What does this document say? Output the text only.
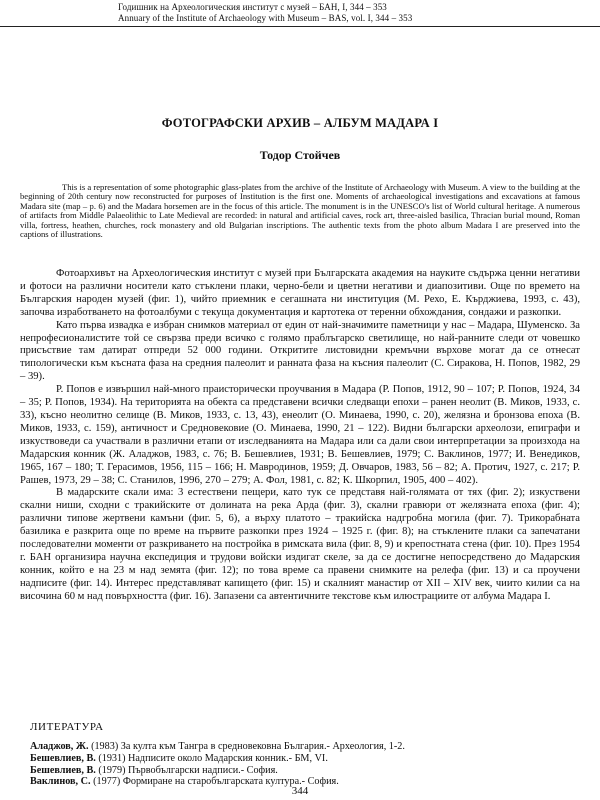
Годишник на Археологическия институт с музей – БАН, I, 344 – 353
Annuary of the Institute of Archaeology with Museum – BAS, vol. I, 344 – 353
ФОТОГРАФСКИ АРХИВ – АЛБУМ МАДАРА I
Тодор Стойчев

This is a representation of some photographic glass-plates from the archive of the Institute of Archaeology with Museum. A view to the building at the beginning of 20th century now reconstructed for purposes of Institution is the first one. Moments of archaeological investigations and excavations at famous Madara site (map – p. 6) and the Madara horsemen are in the focus of this article. The monument is in the UNESCO's list of World cultural heritage. A numerous of artifacts from Middle Palaeolithic to Late Medieval are recorded: in natural and artificial caves, rock art, three-aisled basilica, Thracian burial mound, Roman villa, fortress, heathen, churches, rock monastery and old Bulgarian inscriptions. The authentic texts from the photo album Madara I are preserved into the captions of illustrations.

Фотоархивът на Археологическия институт с музей при Българската академия на науките съдържа ценни негативи и фотоси на различни носители като стъклени плаки, черно-бели и цветни негативи и диапозитиви. Още по времето на Българския народен музей (фиг. 1), чийто приемник е сегашната ни институция (М. Рехо, Е. Кърджиева, 1993, с. 43), започва изработването на фотоалбуми с текуща документация и картотека от теренни обхождания, сондажи и разкопки.

Като първа извадка е избран снимков материал от един от най-значимите паметници у нас – Мадара, Шуменско. За непрофесионалистите той се свързва преди всичко с голямо праблъгарско светилище, но най-ранните следи от човешко присъствие там датират отпреди 52 000 години. Откритите листовидни кремъчни върхове могат да се отнесат типологически към късната фаза на средния палеолит и ранната фаза на късния палеолит (С. Сиракова, Н. Попов, 1982, 29 – 39).

Р. Попов е извършил най-много праисторически проучвания в Мадара (Р. Попов, 1912, 90 – 107; Р. Попов, 1924, 34 – 35; Р. Попов, 1934). На територията на обекта са представени всички следващи епохи – ранен неолит (В. Миков, 1933, с. 33), късно неолитно селище (В. Миков, 1933, с. 13, 43), енеолит (О. Минаева, 1990, с. 20), желязна и бронзова епоха (В. Миков, 1933, с. 159), античност и Средновековие (О. Минаева, 1990, 21 – 122). Видни български археолози, епиграфи и изкуствоведи са участвали в различни етапи от изследванията на Мадара или са дали свои интерпретации за произхода на Мадарския конник (Ж. Аладжов, 1983, с. 76; В. Бешевлиев, 1931; В. Бешевлиев, 1979; С. Ваклинов, 1977; И. Венедиков, 1965, 167 – 180; Т. Герасимов, 1956, 115 – 166; Н. Мавродинов, 1959; Д. Овчаров, 1983, 56 – 82; А. Протич, 1927, с. 217; Р. Рашев, 1973, 29 – 38; С. Станилов, 1996, 270 – 279; А. Фол, 1981, с. 82; К. Шкорпил, 1905, 400 – 402).

В мадарските скали има: 3 естествени пещери, като тук се представя най-голямата от тях (фиг. 2); изкуствени скални ниши, сходни с тракийските от долината на река Арда (фиг. 3), скални гравюри от желязната епоха (фиг. 4); различни типове жертвени камъни (фиг. 5, 6), а върху платото – тракийска надгробна могила (фиг. 7). Трикорабната базилика е разкрита още по време на първите разкопки през 1924 – 1925 г. (фиг. 8); на стъклените плаки са запечатани последователни моменти от разкриването на постройка в римската вила (фиг. 8, 9) и крепостната стена (фиг. 10). През 1954 г. БАН организира научна експедиция и трудови войски издигат скеле, за да се достигне непосредствено до Мадарския конник, който е на 23 м над земята (фиг. 12); по това време са правени снимките на релефа (фиг. 13) и са проучени надписите (фиг. 14). Интерес представляват капището (фиг. 15) и скалният манастир от XII – XIV век, чиито килии са на височина 60 м над повърхността (фиг. 16). Запазени са автентичните текстове към илюстрациите от албума Мадара I.

ЛИТЕРАТУРА
Аладжов, Ж. (1983) За култа към Тангра в средновековна България.- Археология, 1-2.
Бешевлиев, В. (1931) Надписите около Мадарския конник.- БМ, VI.
Бешевлиев, В. (1979) Първобългарски надписи.- София.
Ваклинов, С. (1977) Формиране на старобългарската култура.- София.
344
